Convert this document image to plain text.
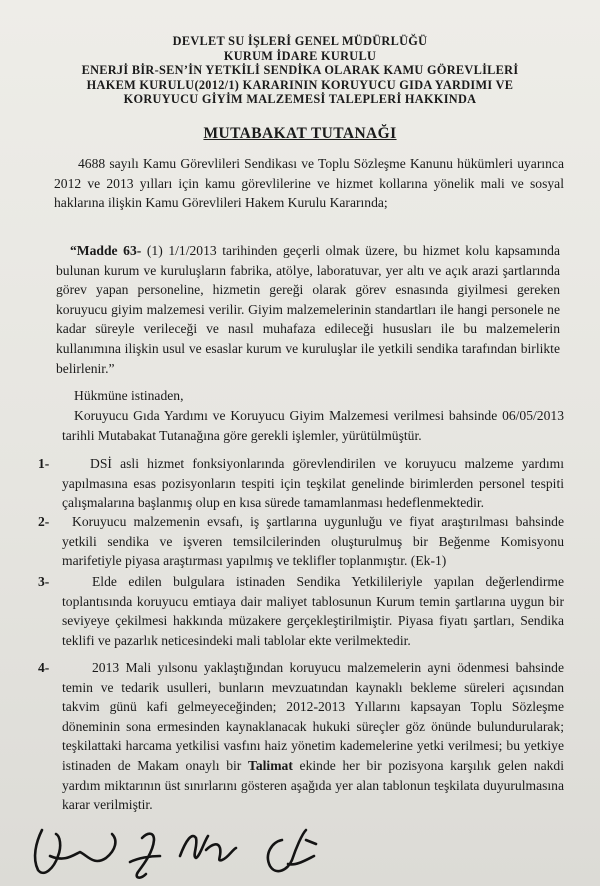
DEVLET SU İŞLERİ GENEL MÜDÜRLÜĞÜ
KURUM İDARE KURULU
ENERJİ BİR-SEN’İN YETKİLİ SENDİKA OLARAK KAMU GÖREVLİLERİ
HAKEM KURULU(2012/1) KARARININ KORUYUCU GIDA YARDIMI VE
KORUYUCU GİYİM MALZEMESİ TALEPLERİ HAKKINDA
MUTABAKAT TUTANAĞI
4688 sayılı Kamu Görevlileri Sendikası ve Toplu Sözleşme Kanunu hükümleri uyarınca 2012 ve 2013 yılları için kamu görevlilerine ve hizmet kollarına yönelik mali ve sosyal haklarına ilişkin Kamu Görevlileri Hakem Kurulu Kararında;
“Madde 63- (1) 1/1/2013 tarihinden geçerli olmak üzere, bu hizmet kolu kapsamında bulunan kurum ve kuruluşların fabrika, atölye, laboratuvar, yer altı ve açık arazi şartlarında görev yapan personeline, hizmetin gereği olarak görev esnasında giyilmesi gereken koruyucu giyim malzemesi verilir. Giyim malzemelerinin standartları ile hangi personele ne kadar süreyle verileceği ve nasıl muhafaza edileceği hususları ile bu malzemelerin kullanımına ilişkin usul ve esaslar kurum ve kuruluşlar ile yetkili sendika tarafından birlikte belirlenir.”
Hükmüne istinaden,
Koruyucu Gıda Yardımı ve Koruyucu Giyim Malzemesi verilmesi bahsinde 06/05/2013 tarihli Mutabakat Tutanağına göre gerekli işlemler, yürütülmüştür.
1-	DSİ asli hizmet fonksiyonlarında görevlendirilen ve koruyucu malzeme yardımı yapılmasına esas pozisyonların tespiti için teşkilat genelinde birimlerden personel tespiti çalışmalarına başlanmış olup en kısa sürede tamamlanması hedeflenmektedir.
2-	Koruyucu malzemenin evsafı, iş şartlarına uygunluğu ve fiyat araştırılması bahsinde yetkili sendika ve işveren temsilcilerinden oluşturulmuş bir Beğenme Komisyonu marifetiyle piyasa araştırması yapılmış ve teklifler toplanmıştır. (Ek-1)
3-	Elde edilen bulgulara istinaden Sendika Yetkilileriyle yapılan değerlendirme toplantısında koruyucu emtiaya dair maliyet tablosunun Kurum temin şartlarına uygun bir seviyeye çekilmesi hakkında müzakere gerçekleştirilmiştir. Piyasa fiyatı şartları, Sendika teklifi ve pazarlık neticesindeki mali tablolar ekte verilmektedir.
4-	2013 Mali yılsonu yaklaştığından koruyucu malzemelerin ayni ödenmesi bahsinde temin ve tedarik usulleri, bunların mevzuatından kaynaklı bekleme süreleri açısından takvim günü kafi gelmeyeceğinden; 2012-2013 Yıllarını kapsayan Toplu Sözleşme döneminin sona ermesinden kaynaklanacak hukuki süreçler göz önünde bulundurularak; teşkilattaki harcama yetkilisi vasfını haiz yönetim kademelerine yetki verilmesi; bu yetkiye istinaden de Makam onaylı bir Talimat ekinde her bir pozisyona karşılık gelen nakdi yardım miktarının üst sınırlarını gösteren aşağıda yer alan tablonun teşkilata duyurulmasına karar verilmiştir.
